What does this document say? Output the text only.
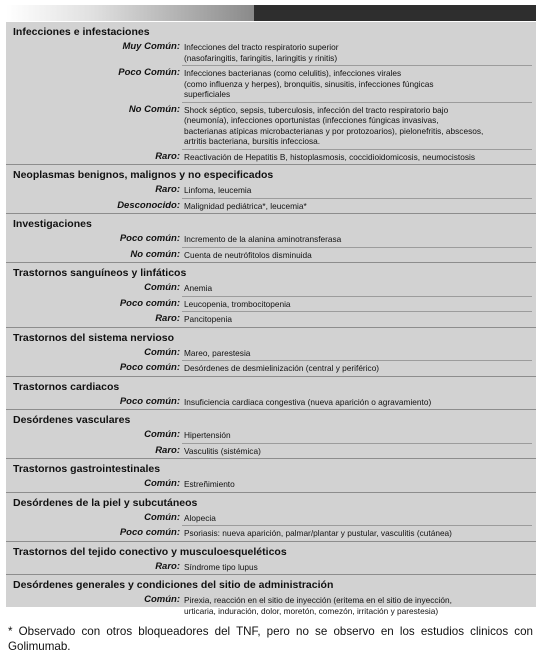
Infecciones e infestaciones
Muy Común: Infecciones del tracto respiratorio superior
(nasofaringitis, faringitis, laringitis y rinitis)
Poco Común: Infecciones bacterianas (como celulitis), infecciones virales
(como influenza y herpes), bronquitis, sinusitis, infecciones fúngicas
superficiales
No Común: Shock séptico, sepsis, tuberculosis, infección del tracto respiratorio bajo
(neumonía), infecciones oportunistas (infecciones fúngicas invasivas,
bacterianas atípicas microbacterianas y por protozoarios), pielonefritis, abscesos,
artritis bacteriana, bursitis infecciosa.
Raro: Reactivación de Hepatitis B, histoplasmosis, coccidioidomicosis, neumocistosis
Neoplasmas benignos, malignos y no especificados
Raro: Linfoma, leucemia
Desconocido: Malignidad pediátrica*, leucemia*
Investigaciones
Poco común: Incremento de la alanina aminotransferasa
No común: Cuenta de neutrófitolos disminuida
Trastornos sanguíneos y linfáticos
Común: Anemia
Poco común: Leucopenia, trombocitopenia
Raro: Pancitopenia
Trastornos del sistema nervioso
Común: Mareo, parestesia
Poco común: Desórdenes de desmielinización (central y periférico)
Trastornos cardiacos
Poco común: Insuficiencia cardiaca congestiva (nueva aparición o agravamiento)
Desórdenes vasculares
Común: Hipertensión
Raro: Vasculitis (sistémica)
Trastornos gastrointestinales
Común: Estreñimiento
Desórdenes de la piel y subcutáneos
Común: Alopecia
Poco común: Psoriasis: nueva aparición, palmar/plantar y pustular, vasculitis (cutánea)
Trastornos del tejido conectivo y musculoesqueléticos
Raro: Síndrome tipo lupus
Desórdenes generales y condiciones del sitio de administración
Común: Pirexia, reacción en el sitio de inyección (eritema en el sitio de inyección,
urticaria, induración, dolor, moretón, comezón, irritación y parestesia)
* Observado con otros bloqueadores del TNF, pero no se observo en los estudios clinicos con Golimumab.
